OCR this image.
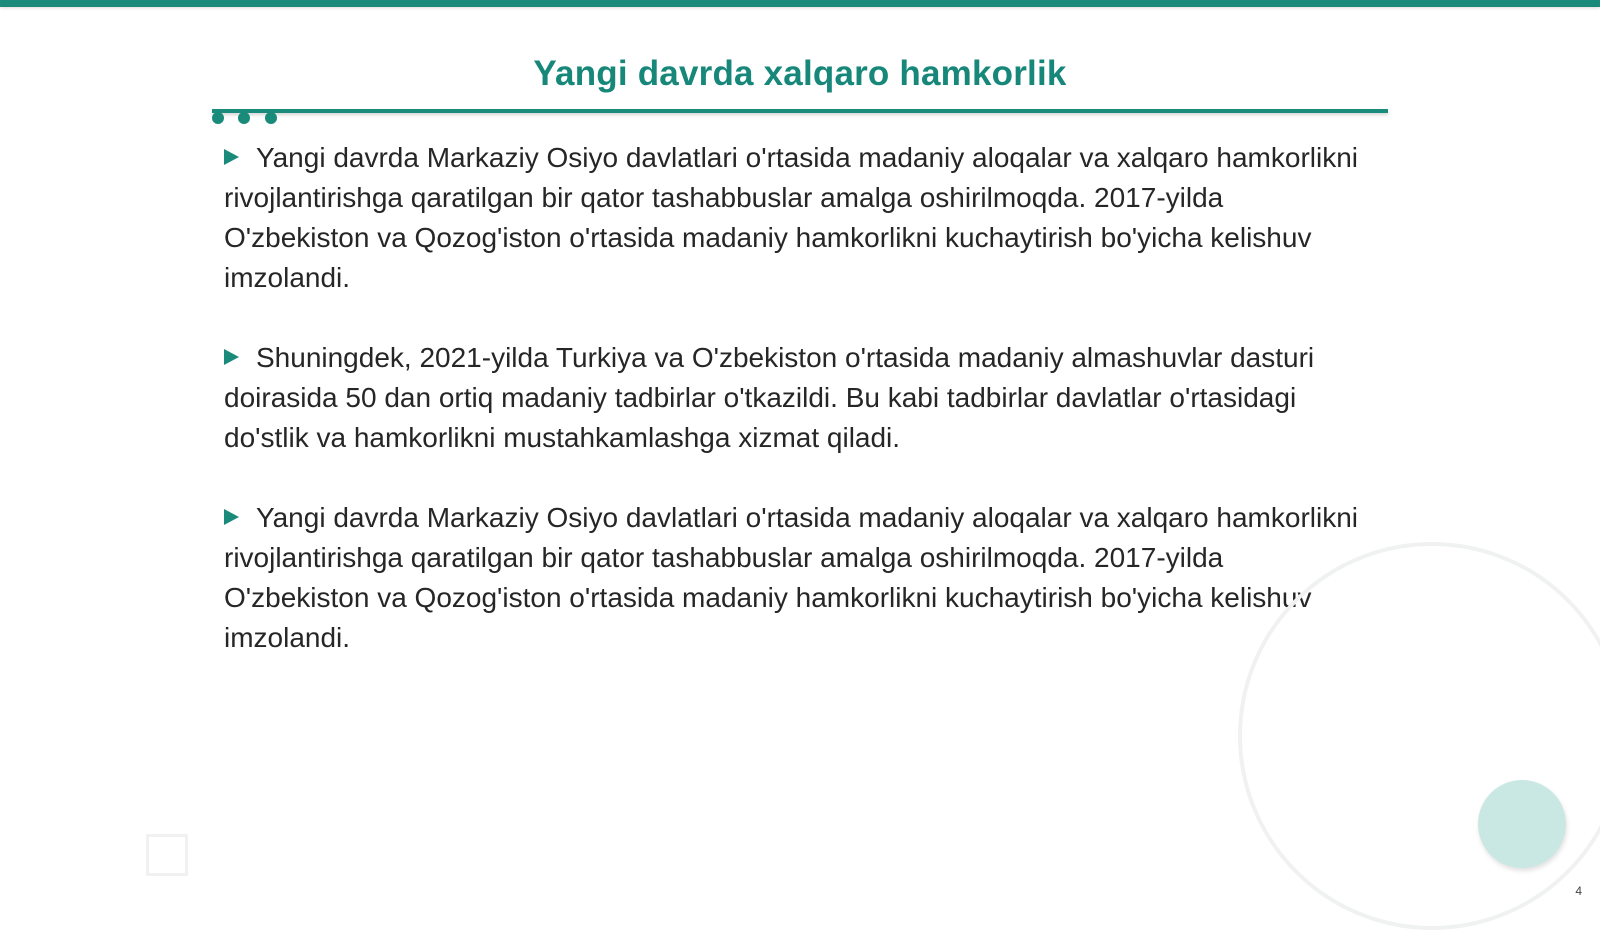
Yangi davrda xalqaro hamkorlik

Yangi davrda Markaziy Osiyo davlatlari o'rtasida madaniy aloqalar va xalqaro hamkorlikni rivojlantirishga qaratilgan bir qator tashabbuslar amalga oshirilmoqda. 2017-yilda O'zbekiston va Qozog'iston o'rtasida madaniy hamkorlikni kuchaytirish bo'yicha kelishuv imzolandi.

Shuningdek, 2021-yilda Turkiya va O'zbekiston o'rtasida madaniy almashuvlar dasturi doirasida 50 dan ortiq madaniy tadbirlar o'tkazildi. Bu kabi tadbirlar davlatlar o'rtasidagi do'stlik va hamkorlikni mustahkamlashga xizmat qiladi.

Yangi davrda Markaziy Osiyo davlatlari o'rtasida madaniy aloqalar va xalqaro hamkorlikni rivojlantirishga qaratilgan bir qator tashabbuslar amalga oshirilmoqda. 2017-yilda O'zbekiston va Qozog'iston o'rtasida madaniy hamkorlikni kuchaytirish bo'yicha kelishuv imzolandi.

4
